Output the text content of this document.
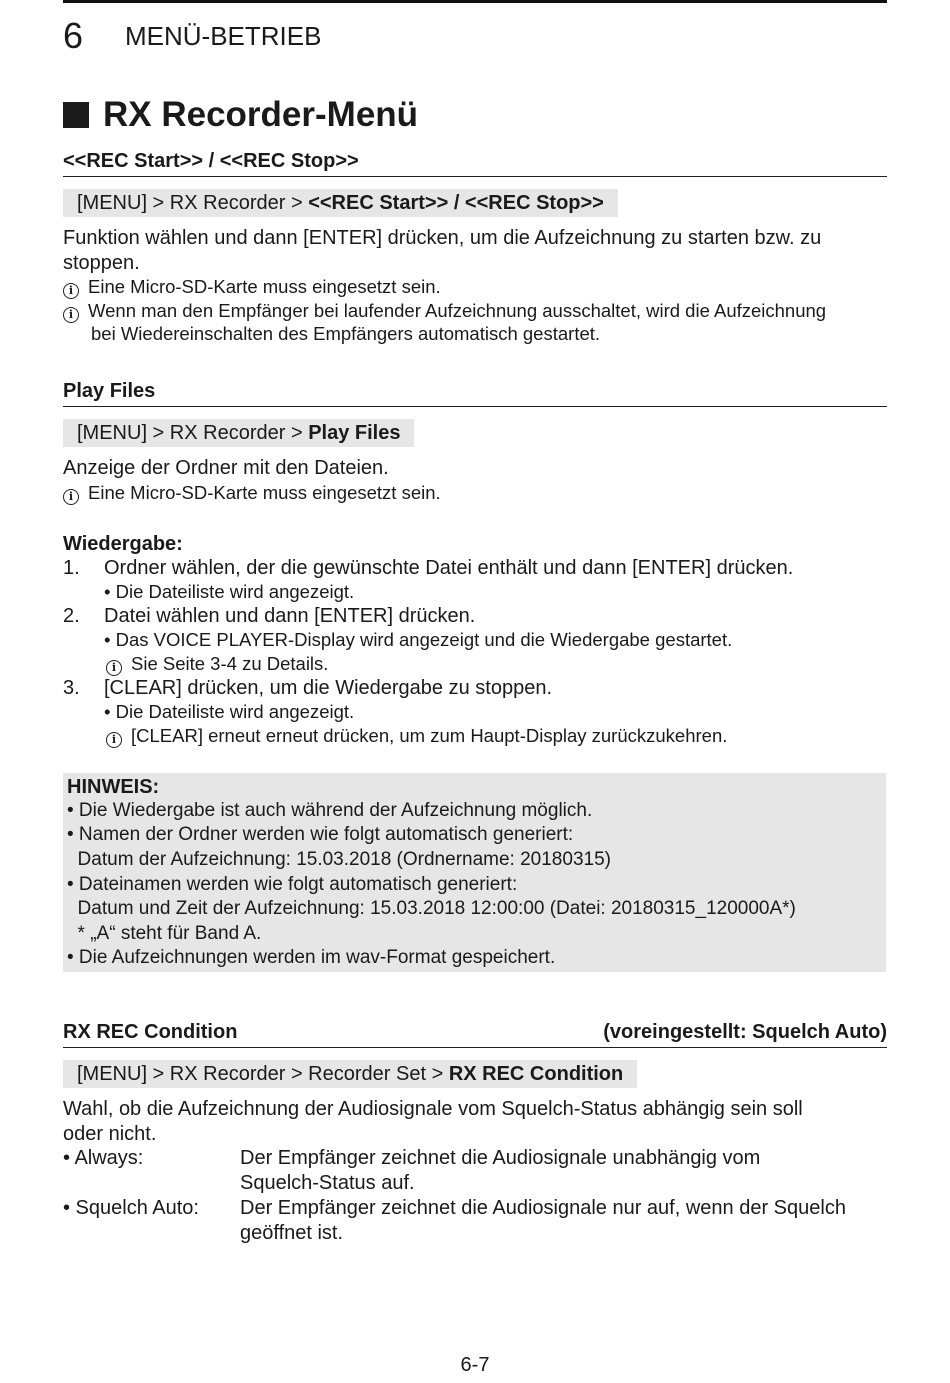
6 MENÜ-BETRIEB
RX Recorder-Menü
<<REC Start>> / <<REC Stop>>
[MENU] > RX Recorder > <<REC Start>> / <<REC Stop>>
Funktion wählen und dann [ENTER] drücken, um die Aufzeichnung zu starten bzw. zu
stoppen.
i Eine Micro-SD-Karte muss eingesetzt sein.
i Wenn man den Empfänger bei laufender Aufzeichnung ausschaltet, wird die Aufzeichnung
bei Wiedereinschalten des Empfängers automatisch gestartet.
Play Files
[MENU] > RX Recorder > Play Files
Anzeige der Ordner mit den Dateien.
i Eine Micro-SD-Karte muss eingesetzt sein.
Wiedergabe:
1.	Ordner wählen, der die gewünschte Datei enthält und dann [ENTER] drücken.
• Die Dateiliste wird angezeigt.
2.	Datei wählen und dann [ENTER] drücken.
• Das VOICE PLAYER-Display wird angezeigt und die Wiedergabe gestartet.
i Sie Seite 3-4 zu Details.
3.	[CLEAR] drücken, um die Wiedergabe zu stoppen.
• Die Dateiliste wird angezeigt.
i [CLEAR] erneut erneut drücken, um zum Haupt-Display zurückzukehren.
HINWEIS:
• Die Wiedergabe ist auch während der Aufzeichnung möglich.
• Namen der Ordner werden wie folgt automatisch generiert:
Datum der Aufzeichnung: 15.03.2018 (Ordnername: 20180315)
• Dateinamen werden wie folgt automatisch generiert:
Datum und Zeit der Aufzeichnung: 15.03.2018 12:00:00 (Datei: 20180315_120000A*)
* „A“ steht für Band A.
• Die Aufzeichnungen werden im wav-Format gespeichert.
RX REC Condition	(voreingestellt: Squelch Auto)
[MENU] > RX Recorder > Recorder Set > RX REC Condition
Wahl, ob die Aufzeichnung der Audiosignale vom Squelch-Status abhängig sein soll
oder nicht.
• Always:	Der Empfänger zeichnet die Audiosignale unabhängig vom
Squelch-Status auf.
• Squelch Auto:	Der Empfänger zeichnet die Audiosignale nur auf, wenn der Squelch
geöffnet ist.
6-7
